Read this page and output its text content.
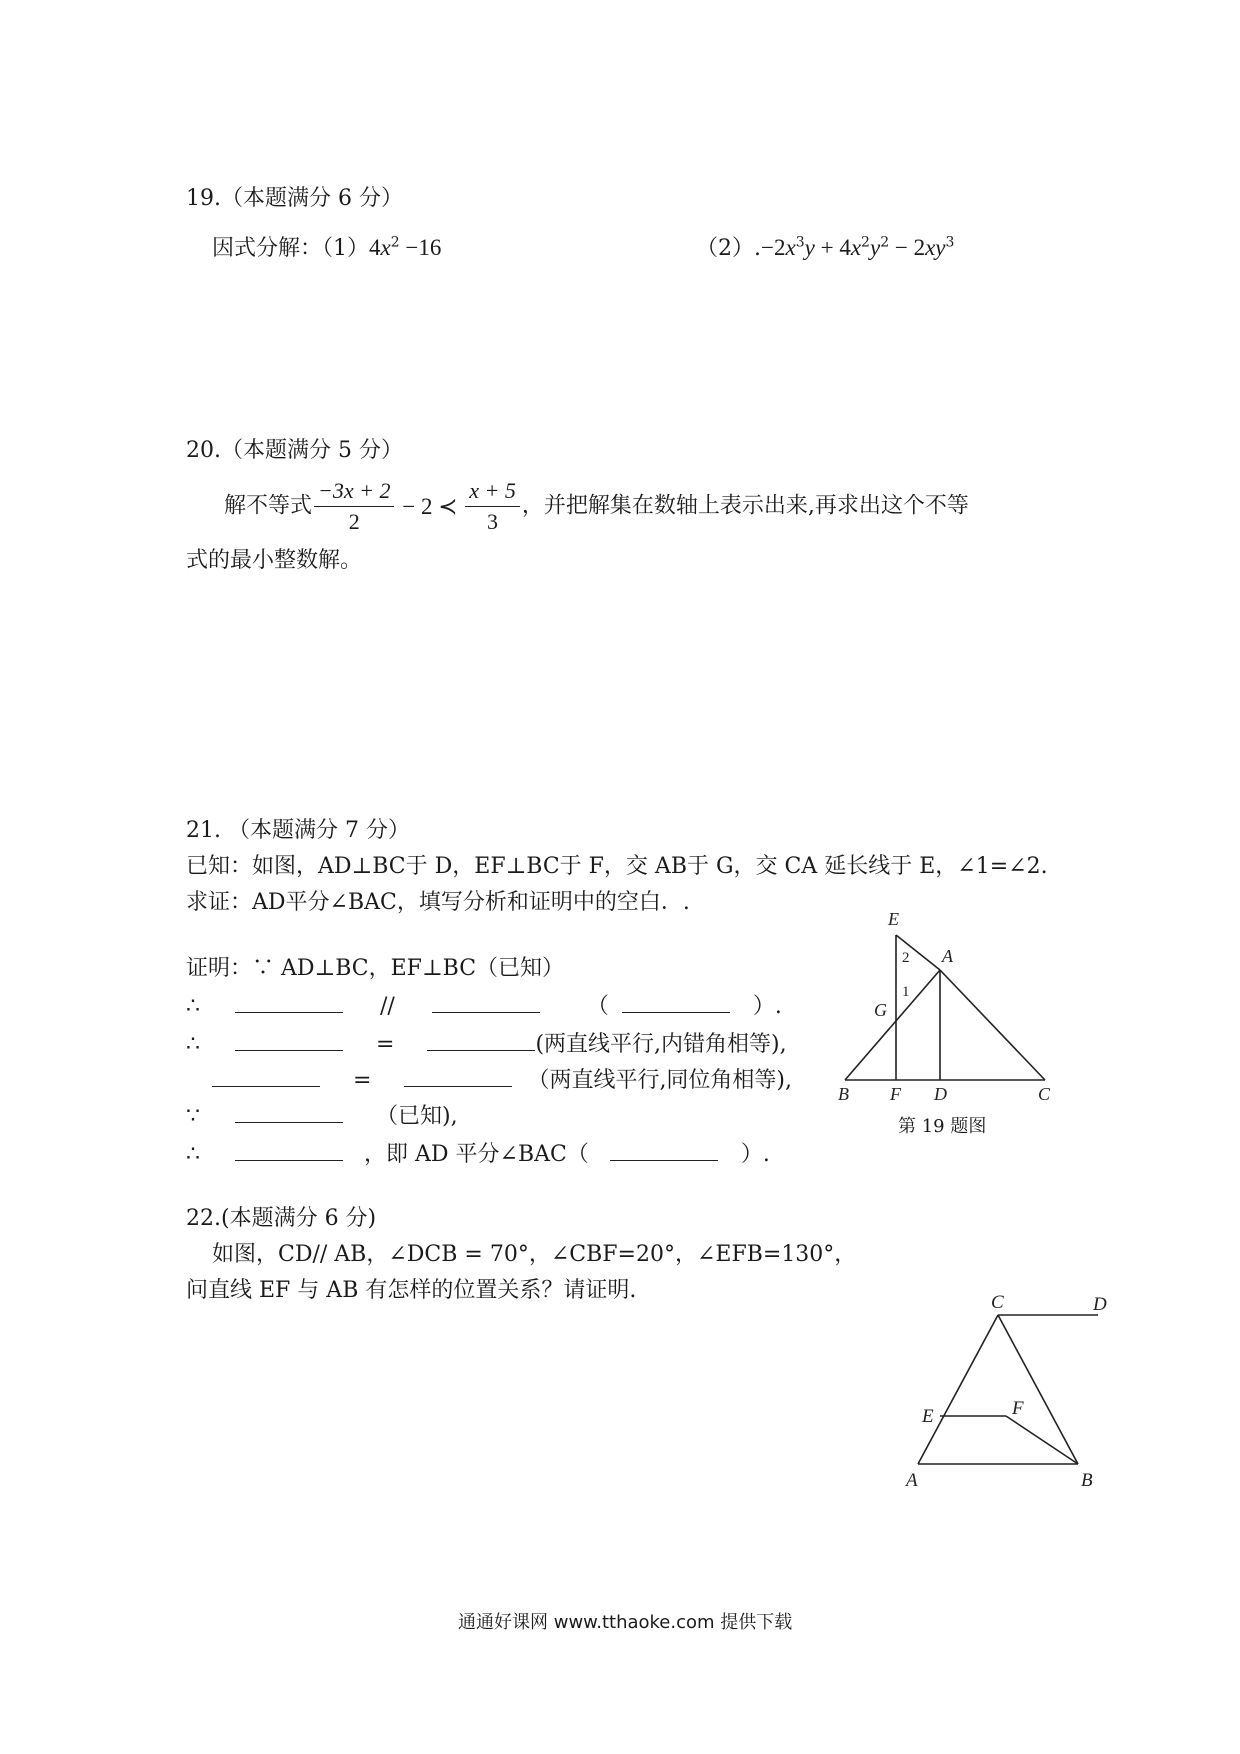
19.（本题满分 6 分）
因式分解：$(1)4x^2 -16$	$(2).-2x^3y + 4x^2y^2 - 2xy^3$
20.（本题满分 5 分）
解不等式 $\frac{-3x + 2}{2} - 2$ ≺ $\frac{x + 5}{3}$ ，并把解集在数轴上表示出来,再求出这个不等
式的最小整数解。
21. （本题满分 7 分）
已知：如图，AD⊥BC于 D，EF⊥BC于 F，交 AB于 G，交 CA 延长线于 E，∠1=∠2.
求证：AD平分∠BAC，填写分析和证明中的空白．.
证明：∵ AD⊥BC，EF⊥BC（已知）
∴	//	（	）.
∴	=	(两直线平行,内错角相等),
=	（两直线平行,同位角相等),
∵	（已知),
∴	，即 AD 平分∠BAC（	）.
E
2 A
1
G
B F D	C
第 19 题图
22.(本题满分 6 分)
如图，CD// AB，∠DCB = 70°，∠CBF=20°，∠EFB=130°，
问直线 EF 与 AB 有怎样的位置关系？请证明.	C	D
E	F
A	B
通通好课网 www.tthaoke.com 提供下载
